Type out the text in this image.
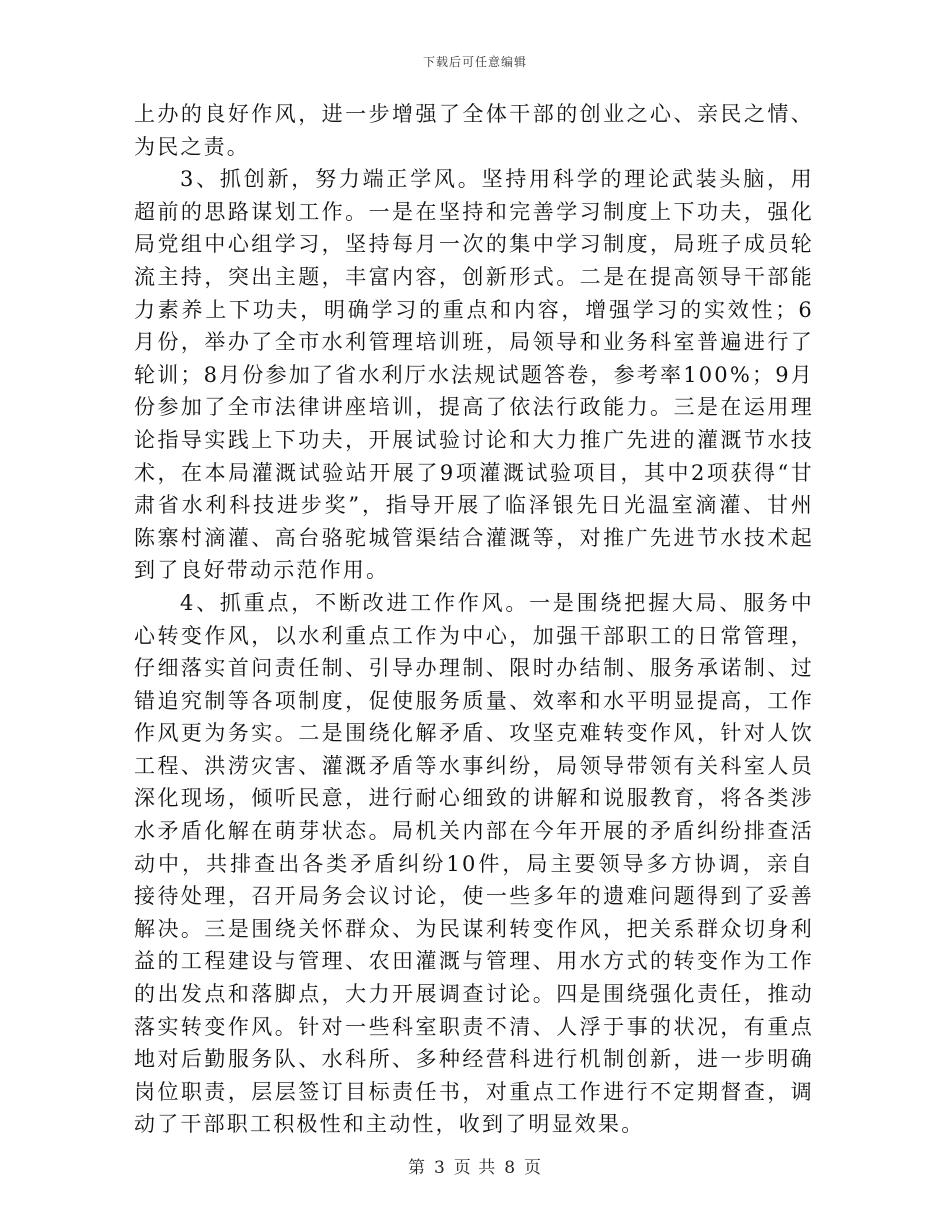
下载后可任意编辑

上办的良好作风，进一步增强了全体干部的创业之心、亲民之情、为民之责。

3、抓创新，努力端正学风。坚持用科学的理论武装头脑，用超前的思路谋划工作。一是在坚持和完善学习制度上下功夫，强化局党组中心组学习，坚持每月一次的集中学习制度，局班子成员轮流主持，突出主题，丰富内容，创新形式。二是在提高领导干部能力素养上下功夫，明确学习的重点和内容，增强学习的实效性；6月份，举办了全市水利管理培训班，局领导和业务科室普遍进行了轮训；8月份参加了省水利厅水法规试题答卷，参考率100%；9月份参加了全市法律讲座培训，提高了依法行政能力。三是在运用理论指导实践上下功夫，开展试验讨论和大力推广先进的灌溉节水技术，在本局灌溉试验站开展了9项灌溉试验项目，其中2项获得“甘肃省水利科技进步奖”，指导开展了临泽银先日光温室滴灌、甘州陈寨村滴灌、高台骆驼城管渠结合灌溉等，对推广先进节水技术起到了良好带动示范作用。

4、抓重点，不断改进工作作风。一是围绕把握大局、服务中心转变作风，以水利重点工作为中心，加强干部职工的日常管理，仔细落实首问责任制、引导办理制、限时办结制、服务承诺制、过错追究制等各项制度，促使服务质量、效率和水平明显提高，工作作风更为务实。二是围绕化解矛盾、攻坚克难转变作风，针对人饮工程、洪涝灾害、灌溉矛盾等水事纠纷，局领导带领有关科室人员深化现场，倾听民意，进行耐心细致的讲解和说服教育，将各类涉水矛盾化解在萌芽状态。局机关内部在今年开展的矛盾纠纷排查活动中，共排查出各类矛盾纠纷10件，局主要领导多方协调，亲自接待处理，召开局务会议讨论，使一些多年的遗难问题得到了妥善解决。三是围绕关怀群众、为民谋利转变作风，把关系群众切身利益的工程建设与管理、农田灌溉与管理、用水方式的转变作为工作的出发点和落脚点，大力开展调查讨论。四是围绕强化责任，推动落实转变作风。针对一些科室职责不清、人浮于事的状况，有重点地对后勤服务队、水科所、多种经营科进行机制创新，进一步明确岗位职责，层层签订目标责任书，对重点工作进行不定期督查，调动了干部职工积极性和主动性，收到了明显效果。

第 3 页 共 8 页
